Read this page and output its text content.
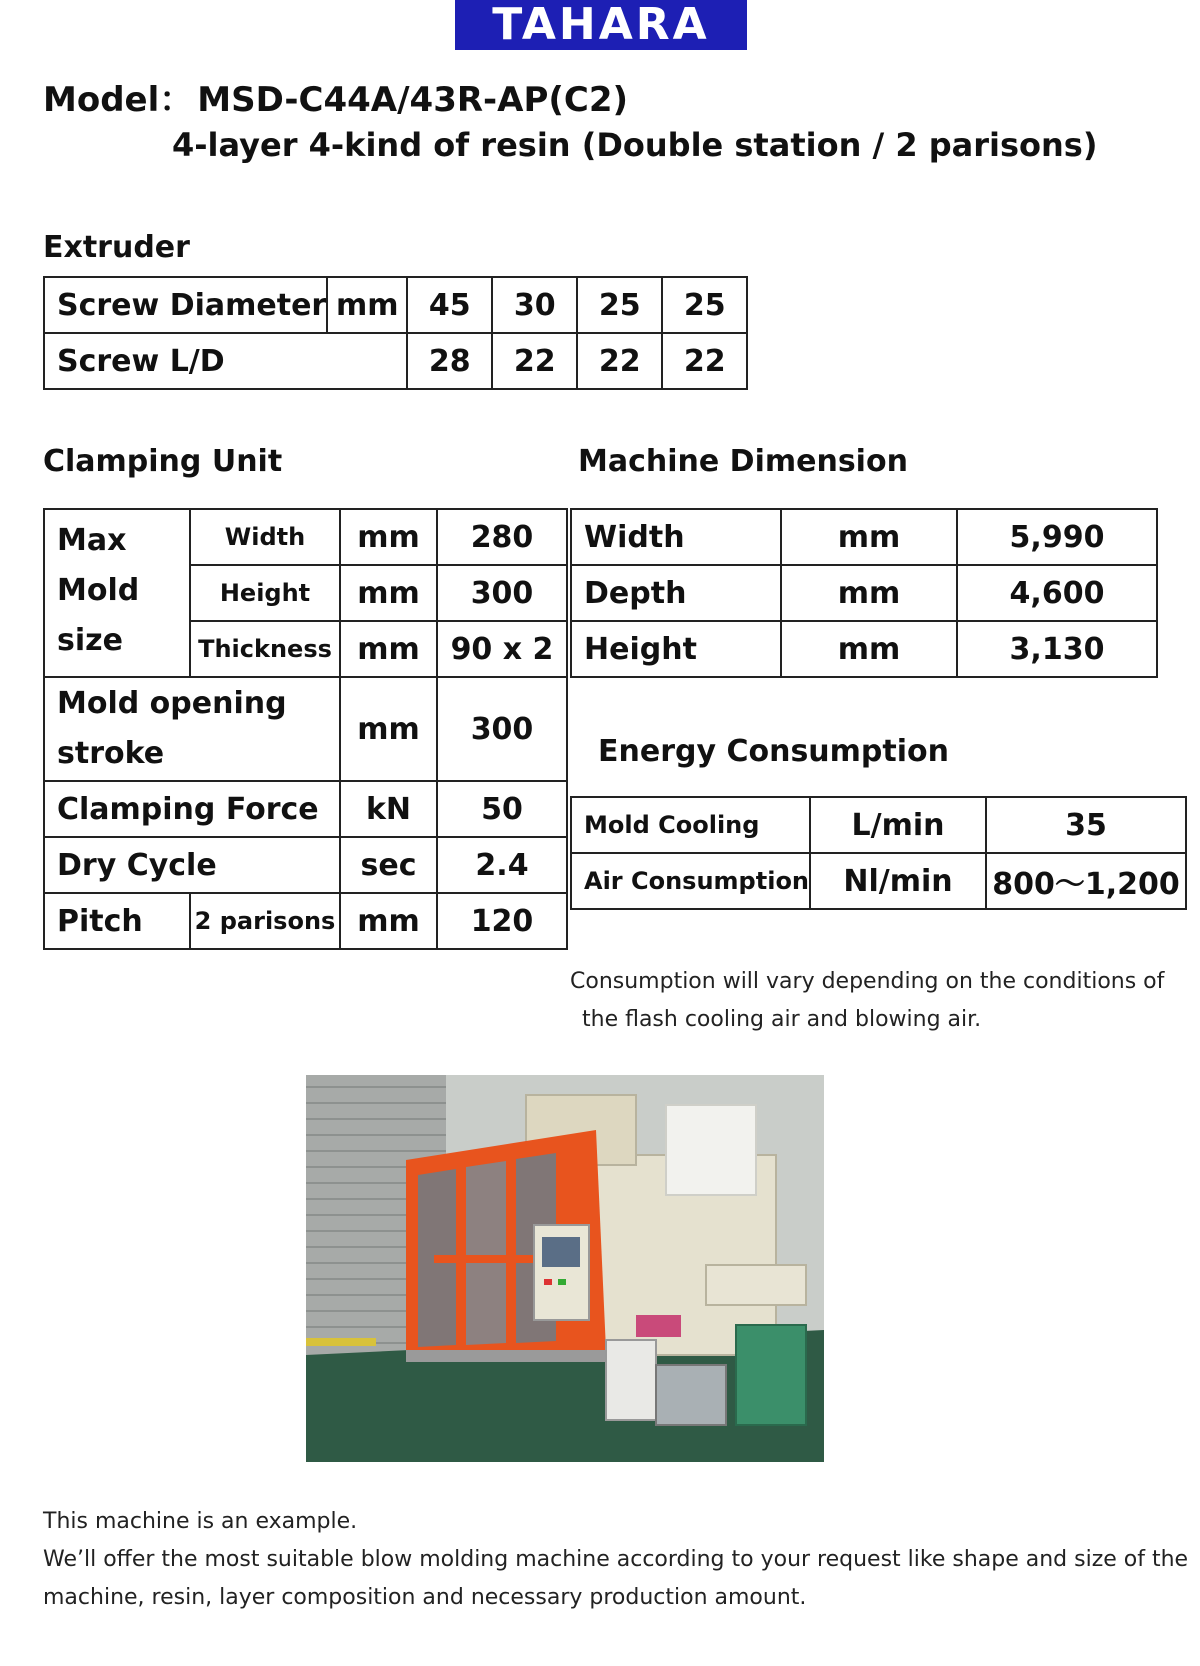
TAHARA
Model： MSD-C44A/43R-AP(C2)
4-layer 4-kind of resin (Double station / 2 parisons)
Extruder
Screw Diameter	mm	45	30	25	25
Screw L/D		28	22	22	22
Clamping Unit
Max
Mold
size	Width	mm	280
	Height	mm	300
	Thickness	mm	90 x 2

Mold opening
stroke		mm	300
Clamping Force		kN	50
Dry Cycle		sec	2.4
Pitch	2 parisons	mm	120
Machine Dimension
Width	mm	5,990
Depth	mm	4,600
Height	mm	3,130
Energy Consumption
Mold Cooling	L/min	35
Air Consumption	Nl/min	800～1,200
Consumption will vary depending on the conditions of
the flash cooling air and blowing air.
This machine is an example.
We’ll offer the most suitable blow molding machine according to your request like shape and size of the
machine, resin, layer composition and necessary production amount.
